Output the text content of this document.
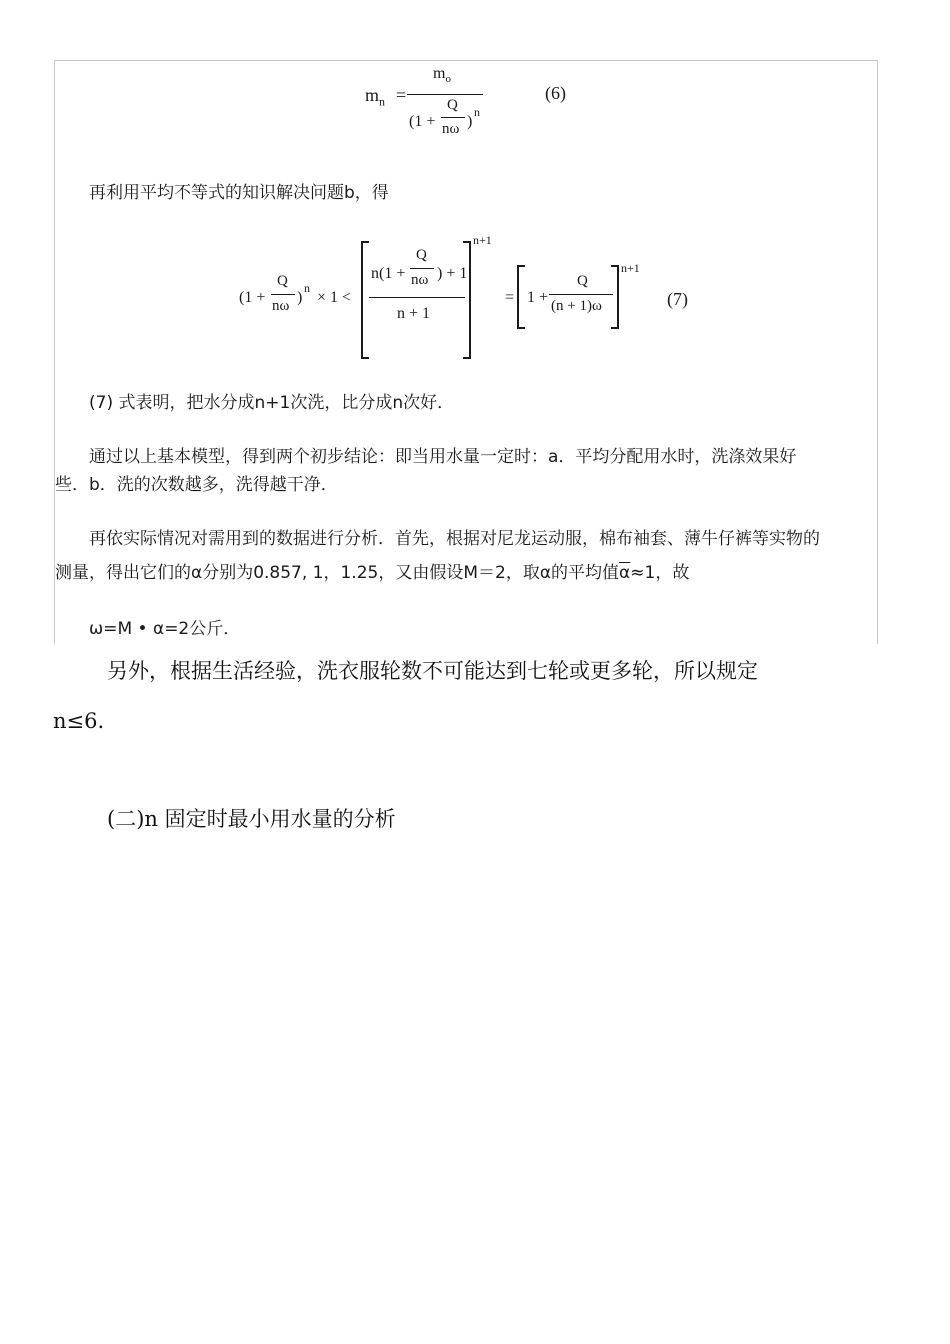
$m_n$ =
$m_o$
(1 +
Q
nω )
n
(6)
再利用平均不等式的知识解决问题b，得
(1 +
Q
nω )
n
× 1 <
n(1 +
Q
nω ) + 1
n + 1
n+1
= 1 +
Q
(n + 1)ω
n+1
(7)
(7) 式表明，把水分成n+1次洗，比分成n次好．
通过以上基本模型，得到两个初步结论：即当用水量一定时：a．平均分配用水时，洗涤效果好
些．b．洗的次数越多，洗得越干净．
再依实际情况对需用到的数据进行分析．首先，根据对尼龙运动服，棉布袖套、薄牛仔裤等实物的
测量，得出它们的α分别为0.857, 1，1.25，又由假设M＝2，取α的平均值$\overline{\alpha}\approx 1$，故
ω=M • α=2公斤．
另外，根据生活经验，洗衣服轮数不可能达到七轮或更多轮，所以规定
n≤6.
(二)n 固定时最小用水量的分析
